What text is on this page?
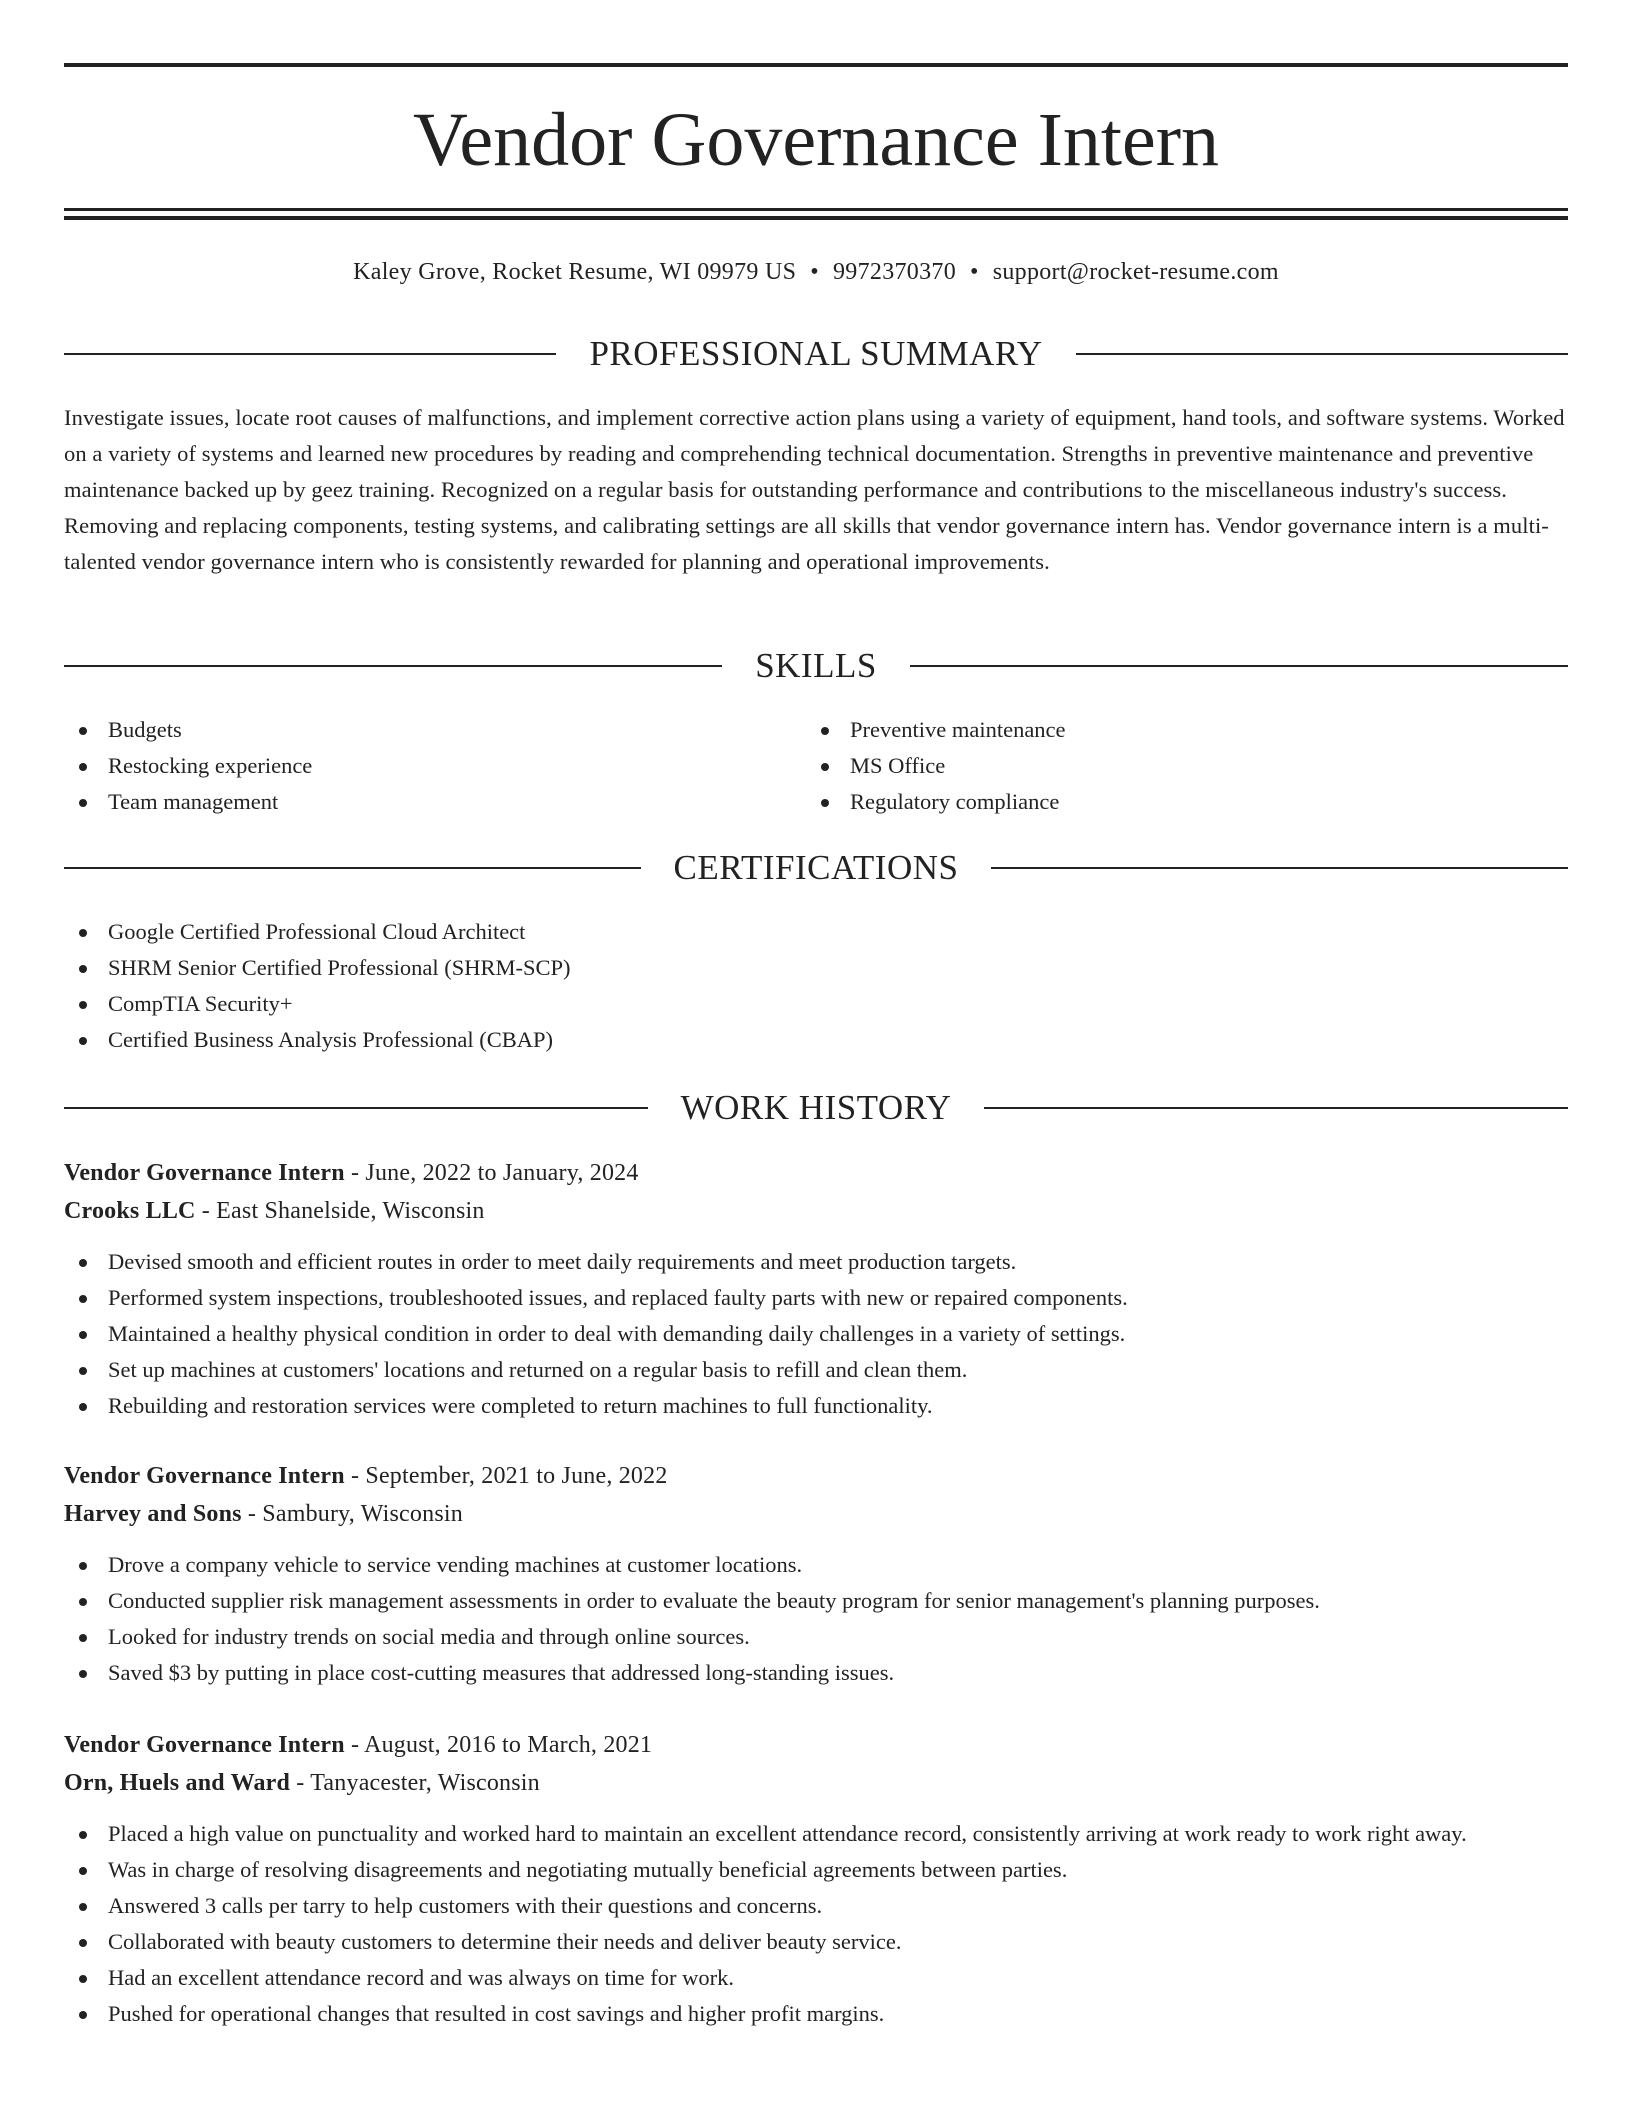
Vendor Governance Intern
Kaley Grove, Rocket Resume, WI 09979 US • 9972370370 • support@rocket-resume.com
PROFESSIONAL SUMMARY

Investigate issues, locate root causes of malfunctions, and implement corrective action plans using a variety of equipment, hand tools, and software systems. Worked on a variety of systems and learned new procedures by reading and comprehending technical documentation. Strengths in preventive maintenance and preventive maintenance backed up by geez training. Recognized on a regular basis for outstanding performance and contributions to the miscellaneous industry's success. Removing and replacing components, testing systems, and calibrating settings are all skills that vendor governance intern has. Vendor governance intern is a multi-talented vendor governance intern who is consistently rewarded for planning and operational improvements.

SKILLS
Budgets
Restocking experience
Team management
Preventive maintenance
MS Office
Regulatory compliance
CERTIFICATIONS
Google Certified Professional Cloud Architect
SHRM Senior Certified Professional (SHRM-SCP)
CompTIA Security+
Certified Business Analysis Professional (CBAP)
WORK HISTORY
Vendor Governance Intern - June, 2022 to January, 2024
Crooks LLC - East Shanelside, Wisconsin
Devised smooth and efficient routes in order to meet daily requirements and meet production targets.
Performed system inspections, troubleshooted issues, and replaced faulty parts with new or repaired components.
Maintained a healthy physical condition in order to deal with demanding daily challenges in a variety of settings.
Set up machines at customers' locations and returned on a regular basis to refill and clean them.
Rebuilding and restoration services were completed to return machines to full functionality.
Vendor Governance Intern - September, 2021 to June, 2022
Harvey and Sons - Sambury, Wisconsin
Drove a company vehicle to service vending machines at customer locations.
Conducted supplier risk management assessments in order to evaluate the beauty program for senior management's planning purposes.
Looked for industry trends on social media and through online sources.
Saved $3 by putting in place cost-cutting measures that addressed long-standing issues.
Vendor Governance Intern - August, 2016 to March, 2021
Orn, Huels and Ward - Tanyacester, Wisconsin
Placed a high value on punctuality and worked hard to maintain an excellent attendance record, consistently arriving at work ready to work right away.
Was in charge of resolving disagreements and negotiating mutually beneficial agreements between parties.
Answered 3 calls per tarry to help customers with their questions and concerns.
Collaborated with beauty customers to determine their needs and deliver beauty service.
Had an excellent attendance record and was always on time for work.
Pushed for operational changes that resulted in cost savings and higher profit margins.
